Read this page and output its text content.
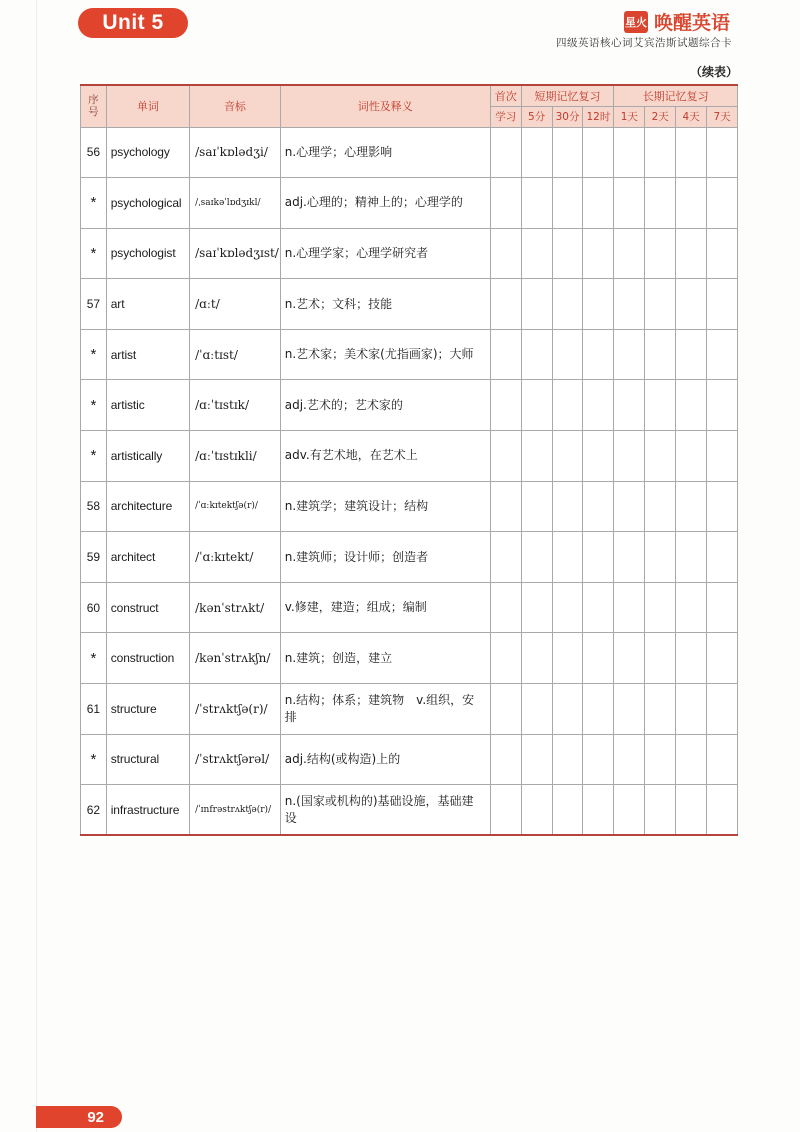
Unit 5	星火 唤醒英语
四级英语核心词艾宾浩斯试题综合卡
（续表）
序号	单词	音标	词性及释义	首次	短期记忆复习			长期记忆复习			
				学习	5分	30分	12时	1天	2天	4天	7天
56	psychology	/saɪˈkɒlədʒi/	n.心理学；心理影响								
*	psychological	/ˌsaɪkəˈlɒdʒɪkl/	adj.心理的；精神上的；心理学的								
*	psychologist	/saɪˈkɒlədʒɪst/	n.心理学家；心理学研究者								
57	art	/ɑːt/	n.艺术；文科；技能								
*	artist	/ˈɑːtɪst/	n.艺术家；美术家(尤指画家)；大师								
*	artistic	/ɑːˈtɪstɪk/	adj.艺术的；艺术家的								
*	artistically	/ɑːˈtɪstɪkli/	adv.有艺术地，在艺术上								
58	architecture	/ˈɑːkɪtektʃə(r)/	n.建筑学；建筑设计；结构								
59	architect	/ˈɑːkɪtekt/	n.建筑师；设计师；创造者								
60	construct	/kənˈstrʌkt/	v.修建，建造；组成；编制								
*	construction	/kənˈstrʌkʃn/	n.建筑；创造，建立								
61	structure	/ˈstrʌktʃə(r)/	n.结构；体系；建筑物　v.组织，安排								
*	structural	/ˈstrʌktʃərəl/	adj.结构(或构造)上的								
62	infrastructure	/ˈɪnfrəstrʌktʃə(r)/	n.(国家或机构的)基础设施，基础建设								
92
